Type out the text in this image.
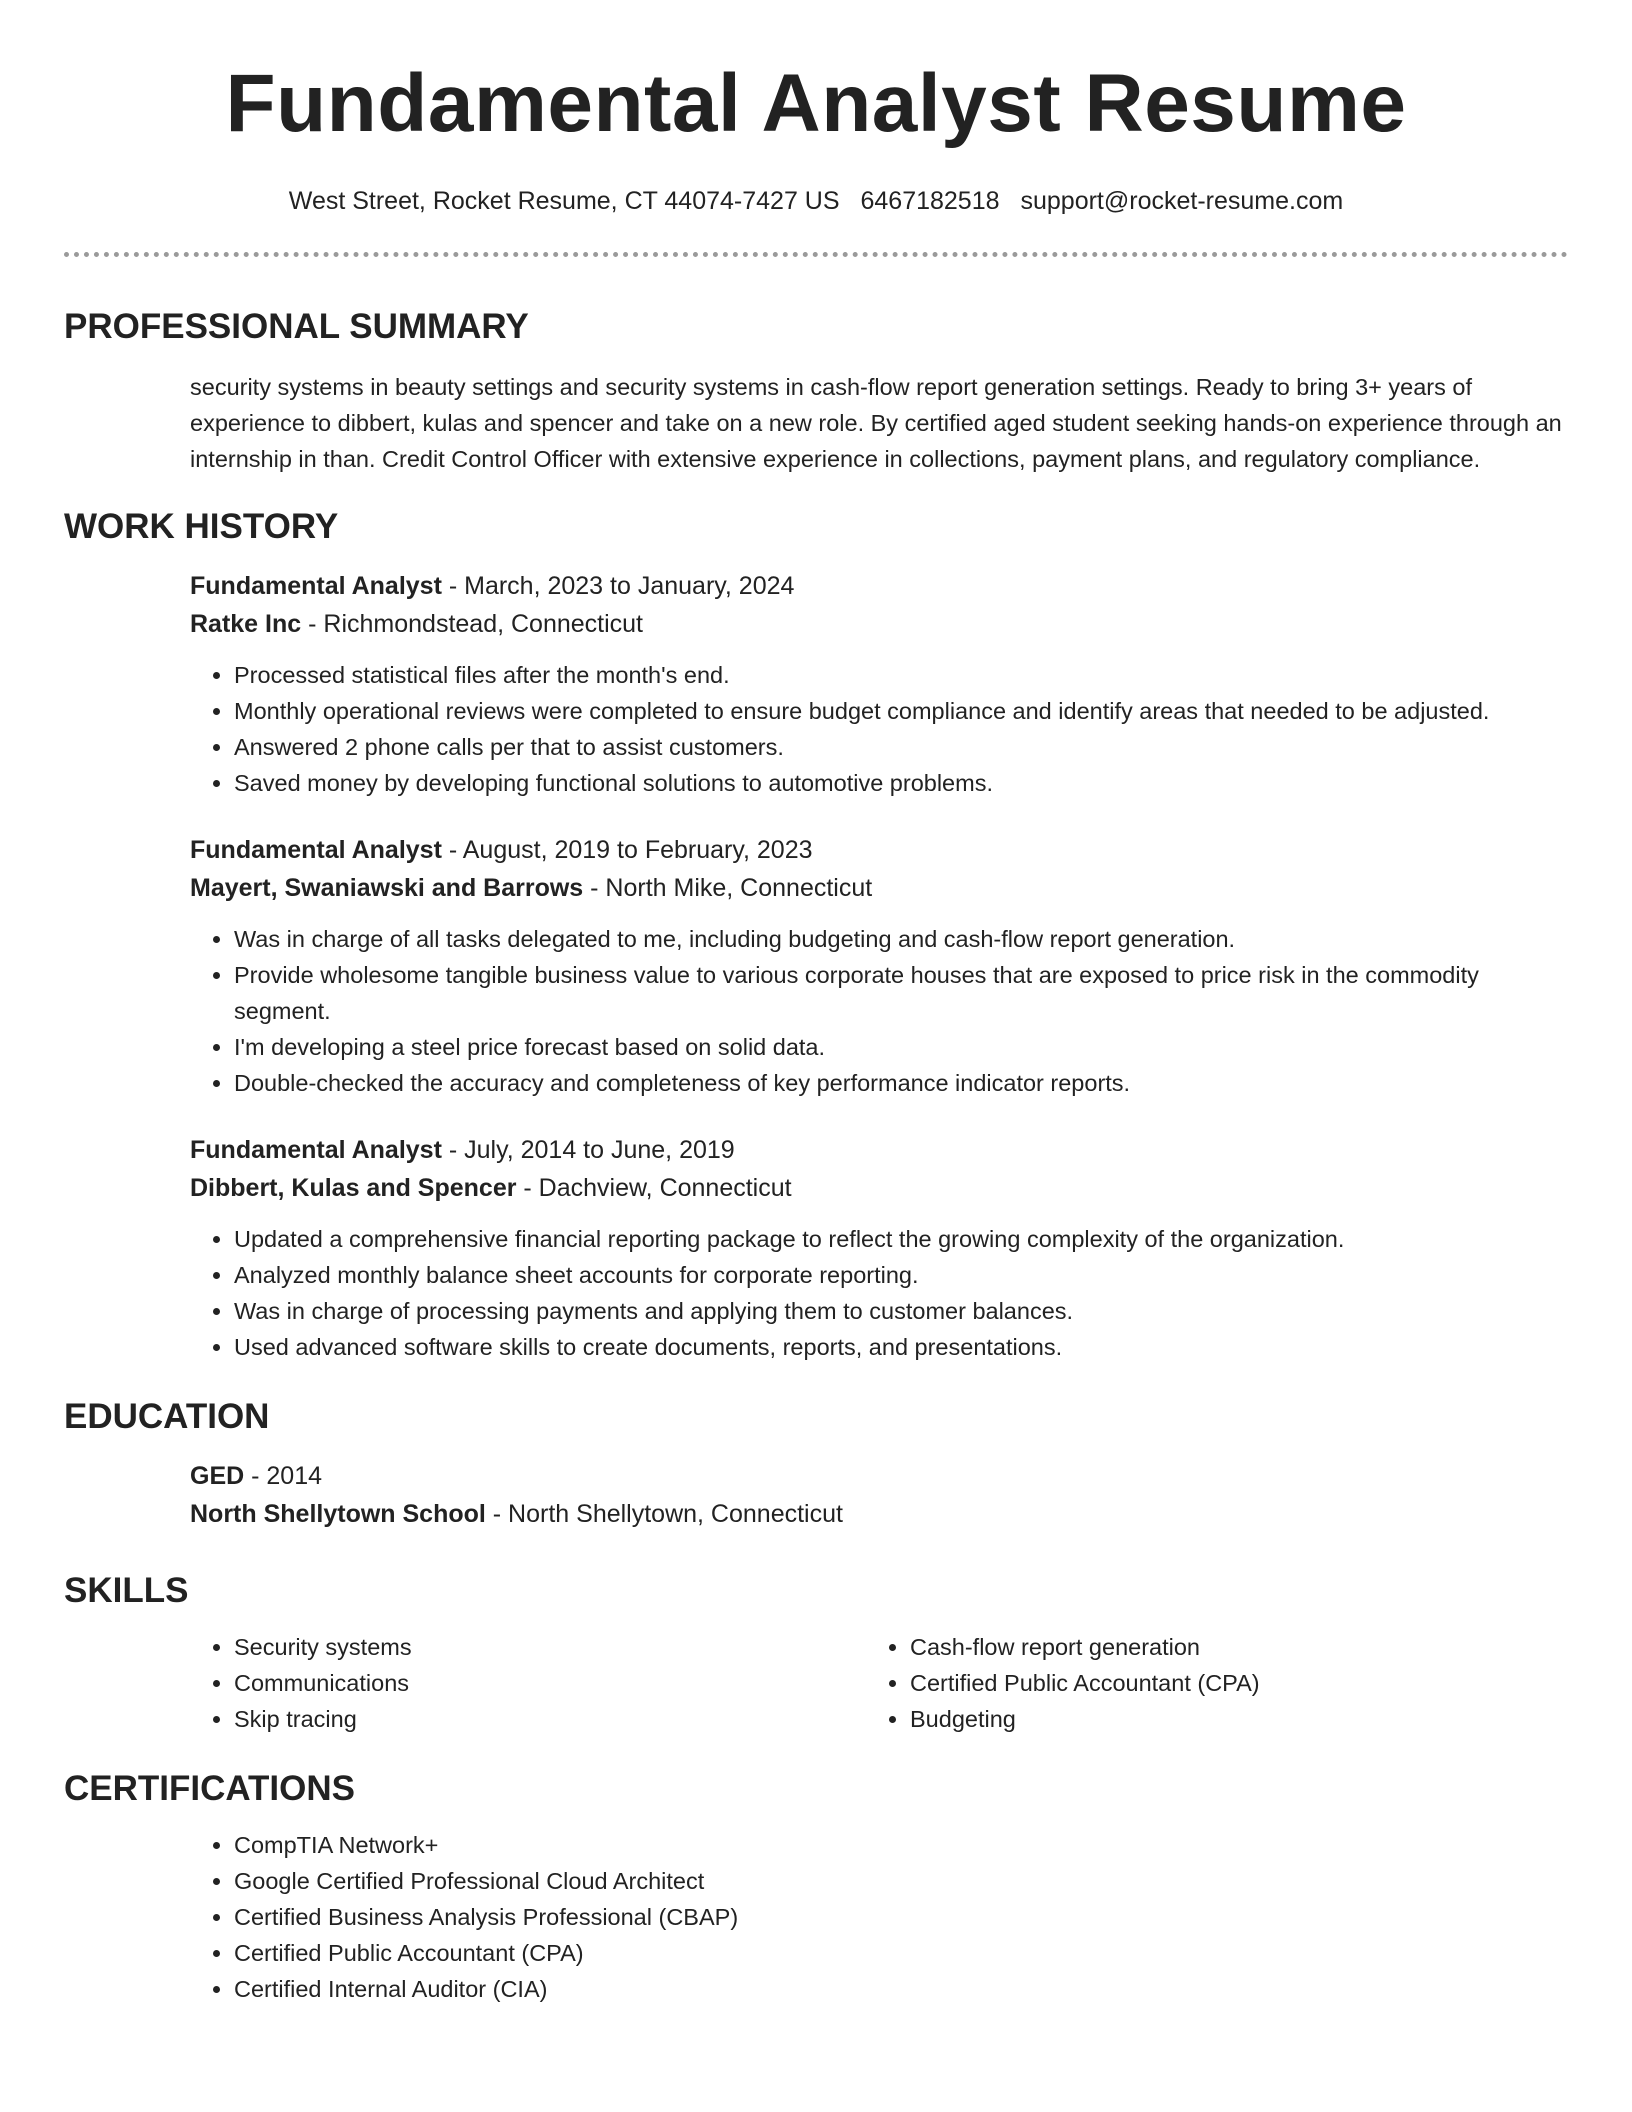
Fundamental Analyst Resume
West Street, Rocket Resume, CT 44074-7427 US 6467182518 support@rocket-resume.com
PROFESSIONAL SUMMARY
security systems in beauty settings and security systems in cash-flow report generation settings. Ready to bring 3+ years of experience to dibbert, kulas and spencer and take on a new role. By certified aged student seeking hands-on experience through an internship in than. Credit Control Officer with extensive experience in collections, payment plans, and regulatory compliance.
WORK HISTORY
Fundamental Analyst - March, 2023 to January, 2024
Ratke Inc - Richmondstead, Connecticut
• Processed statistical files after the month's end.
• Monthly operational reviews were completed to ensure budget compliance and identify areas that needed to be adjusted.
• Answered 2 phone calls per that to assist customers.
• Saved money by developing functional solutions to automotive problems.
Fundamental Analyst - August, 2019 to February, 2023
Mayert, Swaniawski and Barrows - North Mike, Connecticut
• Was in charge of all tasks delegated to me, including budgeting and cash-flow report generation.
• Provide wholesome tangible business value to various corporate houses that are exposed to price risk in the commodity segment.
• I'm developing a steel price forecast based on solid data.
• Double-checked the accuracy and completeness of key performance indicator reports.
Fundamental Analyst - July, 2014 to June, 2019
Dibbert, Kulas and Spencer - Dachview, Connecticut
• Updated a comprehensive financial reporting package to reflect the growing complexity of the organization.
• Analyzed monthly balance sheet accounts for corporate reporting.
• Was in charge of processing payments and applying them to customer balances.
• Used advanced software skills to create documents, reports, and presentations.
EDUCATION
GED - 2014
North Shellytown School - North Shellytown, Connecticut
SKILLS
• Security systems
• Communications
• Skip tracing
• Cash-flow report generation
• Certified Public Accountant (CPA)
• Budgeting
CERTIFICATIONS
• CompTIA Network+
• Google Certified Professional Cloud Architect
• Certified Business Analysis Professional (CBAP)
• Certified Public Accountant (CPA)
• Certified Internal Auditor (CIA)
